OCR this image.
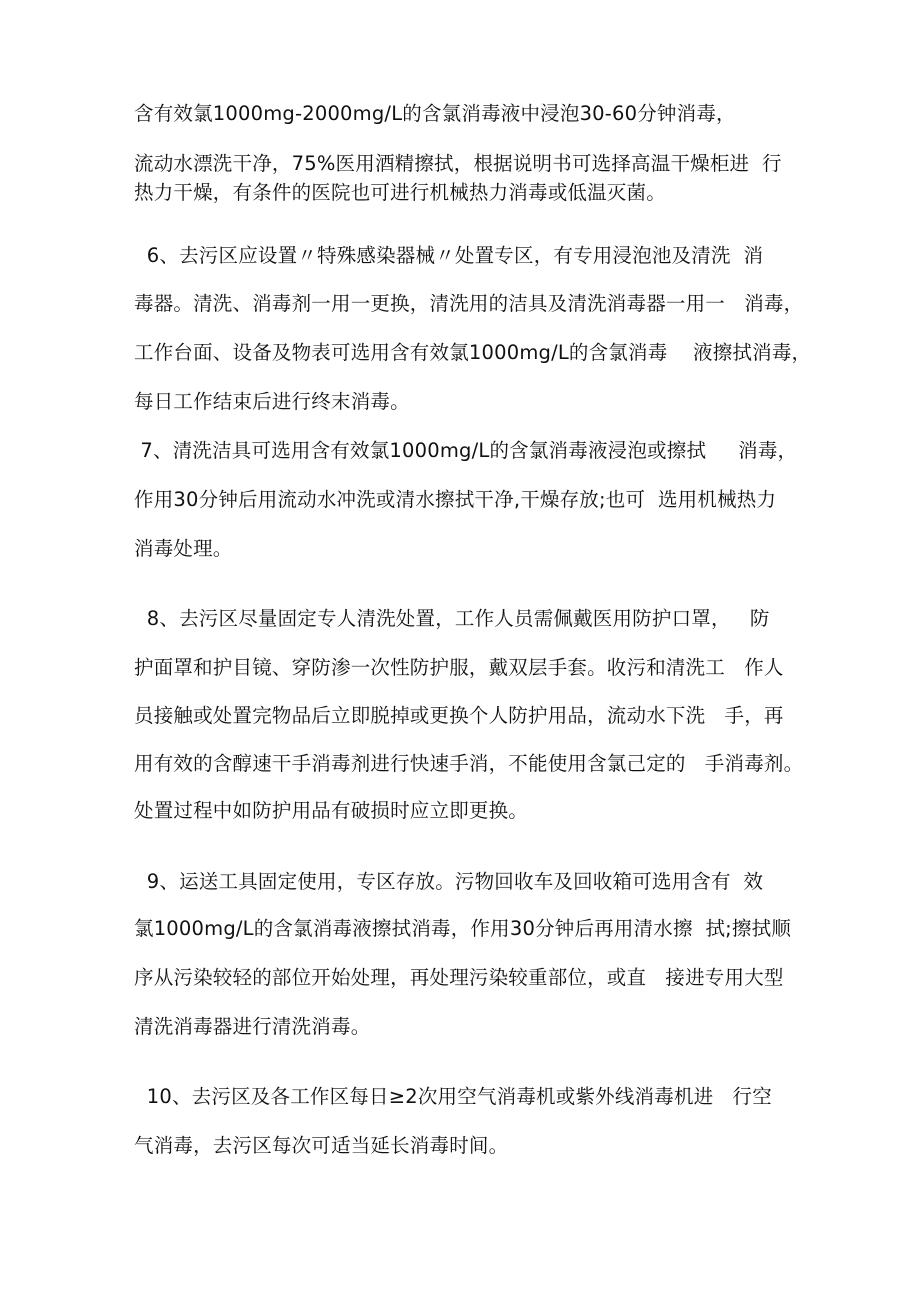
含有效氯1000mg-2000mg/L的含氯消毒液中浸泡30-60分钟消毒，
流动水漂洗干净，75%医用酒精擦拭，根据说明书可选择高温干燥柜进  行
热力干燥，有条件的医院也可进行机械热力消毒或低温灭菌。
6、去污区应设置〃特殊感染器械〃处置专区，有专用浸泡池及清洗  消
毒器。清洗、消毒剂一用一更换，清洗用的洁具及清洗消毒器一用一   消毒，
工作台面、设备及物表可选用含有效氯1000mg/L的含氯消毒    液擦拭消毒，
每日工作结束后进行终末消毒。
7、清洗洁具可选用含有效氯1000mg/L的含氯消毒液浸泡或擦拭     消毒，
作用30分钟后用流动水冲洗或清水擦拭干净,干燥存放;也可  选用机械热力
消毒处理。
8、去污区尽量固定专人清洗处置，工作人员需佩戴医用防护口罩，   防
护面罩和护目镜、穿防渗一次性防护服，戴双层手套。收污和清洗工   作人
员接触或处置完物品后立即脱掉或更换个人防护用品，流动水下洗   手，再
用有效的含醇速干手消毒剂进行快速手消，不能使用含氯己定的   手消毒剂。
处置过程中如防护用品有破损时应立即更换。
9、运送工具固定使用，专区存放。污物回收车及回收箱可选用含有  效
氯1000mg/L的含氯消毒液擦拭消毒，作用30分钟后再用清水擦  拭;擦拭顺
序从污染较轻的部位开始处理，再处理污染较重部位，或直   接进专用大型
清洗消毒器进行清洗消毒。
10、去污区及各工作区每日≥2次用空气消毒机或紫外线消毒机进   行空
气消毒，去污区每次可适当延长消毒时间。
